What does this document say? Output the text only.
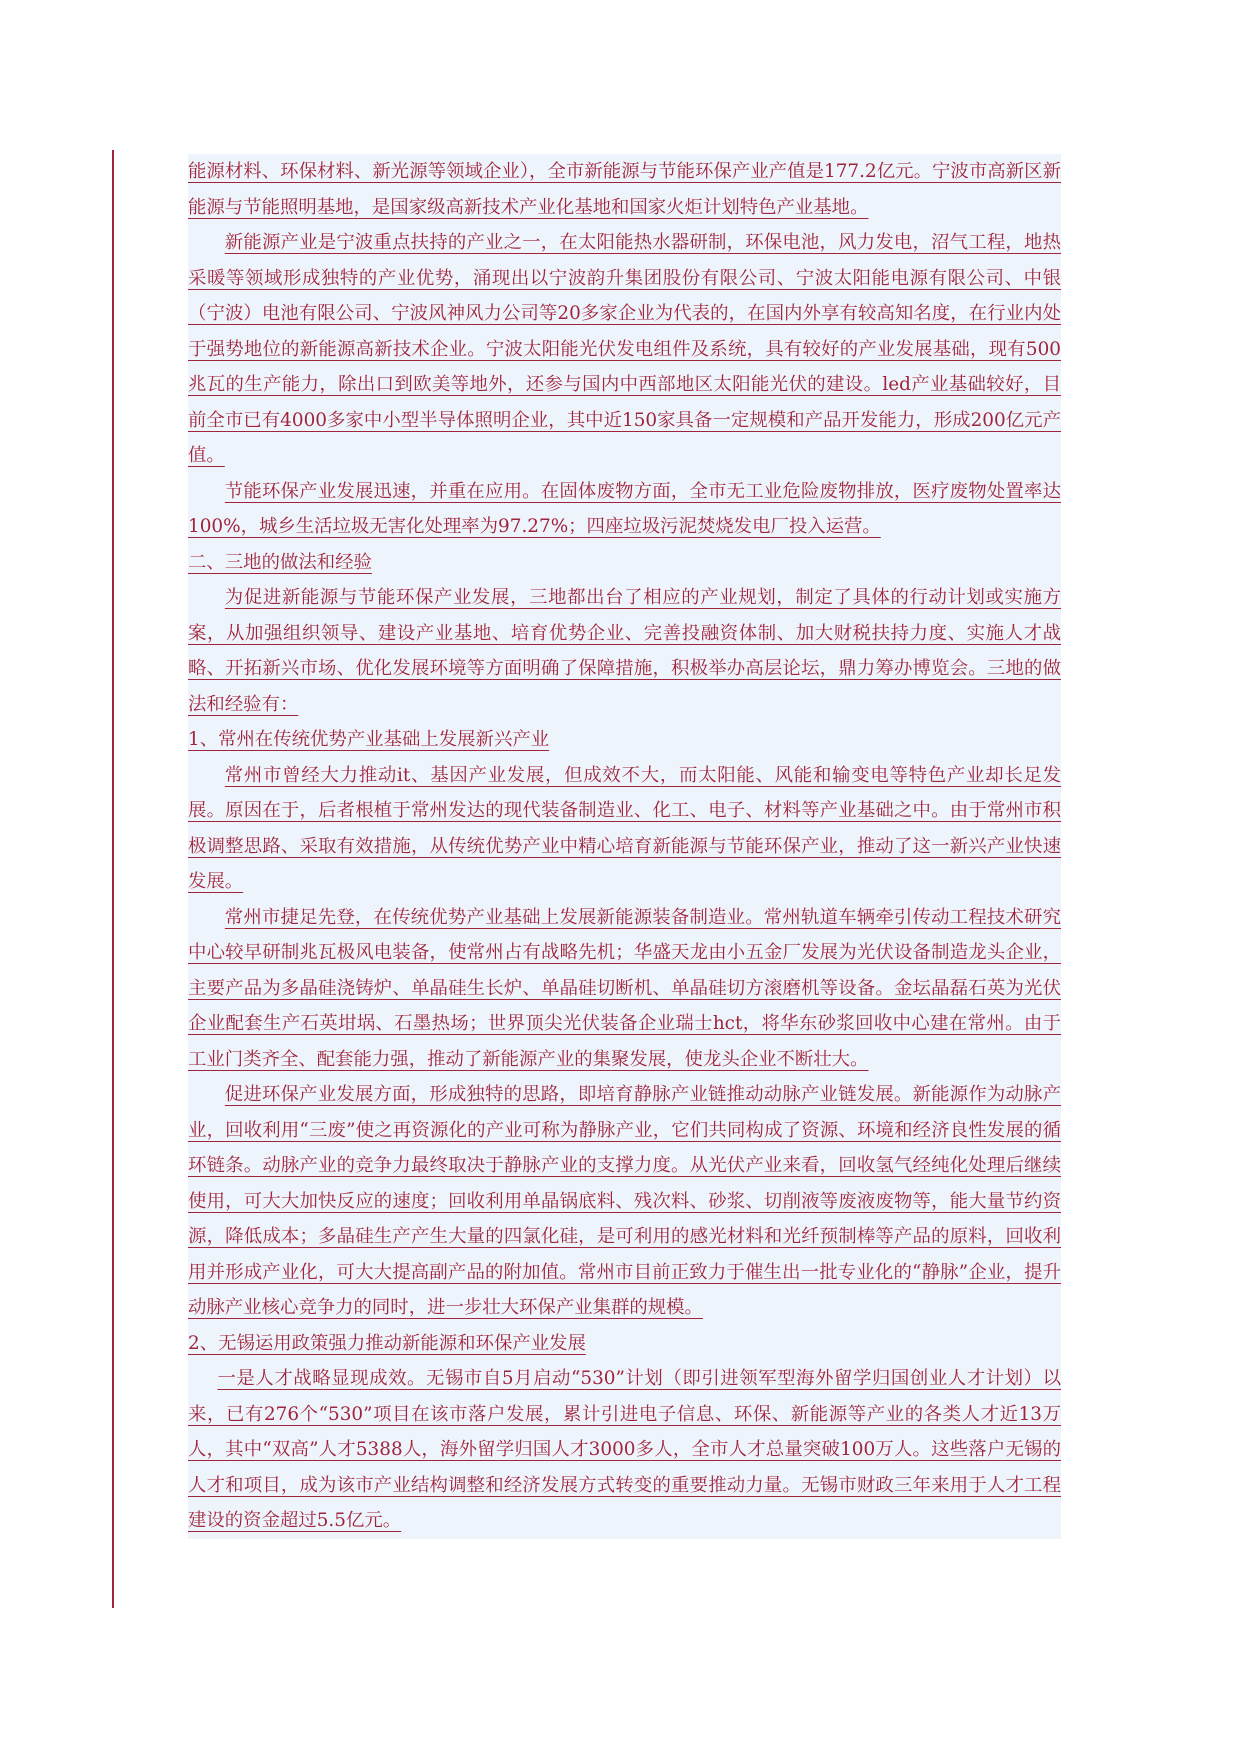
能源材料、环保材料、新光源等领域企业），全市新能源与节能环保产业产值是177.2亿元。宁波市高新区新能源与节能照明基地，是国家级高新技术产业化基地和国家火炬计划特色产业基地。

新能源产业是宁波重点扶持的产业之一，在太阳能热水器研制，环保电池，风力发电，沼气工程，地热采暖等领域形成独特的产业优势，涌现出以宁波韵升集团股份有限公司、宁波太阳能电源有限公司、中银（宁波）电池有限公司、宁波风神风力公司等20多家企业为代表的，在国内外享有较高知名度，在行业内处于强势地位的新能源高新技术企业。宁波太阳能光伏发电组件及系统，具有较好的产业发展基础，现有500兆瓦的生产能力，除出口到欧美等地外，还参与国内中西部地区太阳能光伏的建设。led产业基础较好，目前全市已有4000多家中小型半导体照明企业，其中近150家具备一定规模和产品开发能力，形成200亿元产值。

节能环保产业发展迅速，并重在应用。在固体废物方面，全市无工业危险废物排放，医疗废物处置率达100%，城乡生活垃圾无害化处理率为97.27%；四座垃圾污泥焚烧发电厂投入运营。

二、三地的做法和经验

为促进新能源与节能环保产业发展，三地都出台了相应的产业规划，制定了具体的行动计划或实施方案，从加强组织领导、建设产业基地、培育优势企业、完善投融资体制、加大财税扶持力度、实施人才战略、开拓新兴市场、优化发展环境等方面明确了保障措施，积极举办高层论坛，鼎力筹办博览会。三地的做法和经验有：

1、常州在传统优势产业基础上发展新兴产业

常州市曾经大力推动it、基因产业发展，但成效不大，而太阳能、风能和输变电等特色产业却长足发展。原因在于，后者根植于常州发达的现代装备制造业、化工、电子、材料等产业基础之中。由于常州市积极调整思路、采取有效措施，从传统优势产业中精心培育新能源与节能环保产业，推动了这一新兴产业快速发展。

常州市捷足先登，在传统优势产业基础上发展新能源装备制造业。常州轨道车辆牵引传动工程技术研究中心较早研制兆瓦极风电装备，使常州占有战略先机；华盛天龙由小五金厂发展为光伏设备制造龙头企业，主要产品为多晶硅浇铸炉、单晶硅生长炉、单晶硅切断机、单晶硅切方滚磨机等设备。金坛晶磊石英为光伏企业配套生产石英坩埚、石墨热场；世界顶尖光伏装备企业瑞士hct，将华东砂浆回收中心建在常州。由于工业门类齐全、配套能力强，推动了新能源产业的集聚发展，使龙头企业不断壮大。

促进环保产业发展方面，形成独特的思路，即培育静脉产业链推动动脉产业链发展。新能源作为动脉产业，回收利用“三废”使之再资源化的产业可称为静脉产业，它们共同构成了资源、环境和经济良性发展的循环链条。动脉产业的竞争力最终取决于静脉产业的支撑力度。从光伏产业来看，回收氢气经纯化处理后继续使用，可大大加快反应的速度；回收利用单晶锅底料、残次料、砂浆、切削液等废液废物等，能大量节约资源，降低成本；多晶硅生产产生大量的四氯化硅，是可利用的感光材料和光纤预制棒等产品的原料，回收利用并形成产业化，可大大提高副产品的附加值。常州市目前正致力于催生出一批专业化的“静脉”企业，提升动脉产业核心竞争力的同时，进一步壮大环保产业集群的规模。

2、无锡运用政策强力推动新能源和环保产业发展

一是人才战略显现成效。无锡市自5月启动“530”计划（即引进领军型海外留学归国创业人才计划）以来，已有276个“530”项目在该市落户发展，累计引进电子信息、环保、新能源等产业的各类人才近13万人，其中“双高”人才5388人，海外留学归国人才3000多人，全市人才总量突破100万人。这些落户无锡的人才和项目，成为该市产业结构调整和经济发展方式转变的重要推动力量。无锡市财政三年来用于人才工程建设的资金超过5.5亿元。
